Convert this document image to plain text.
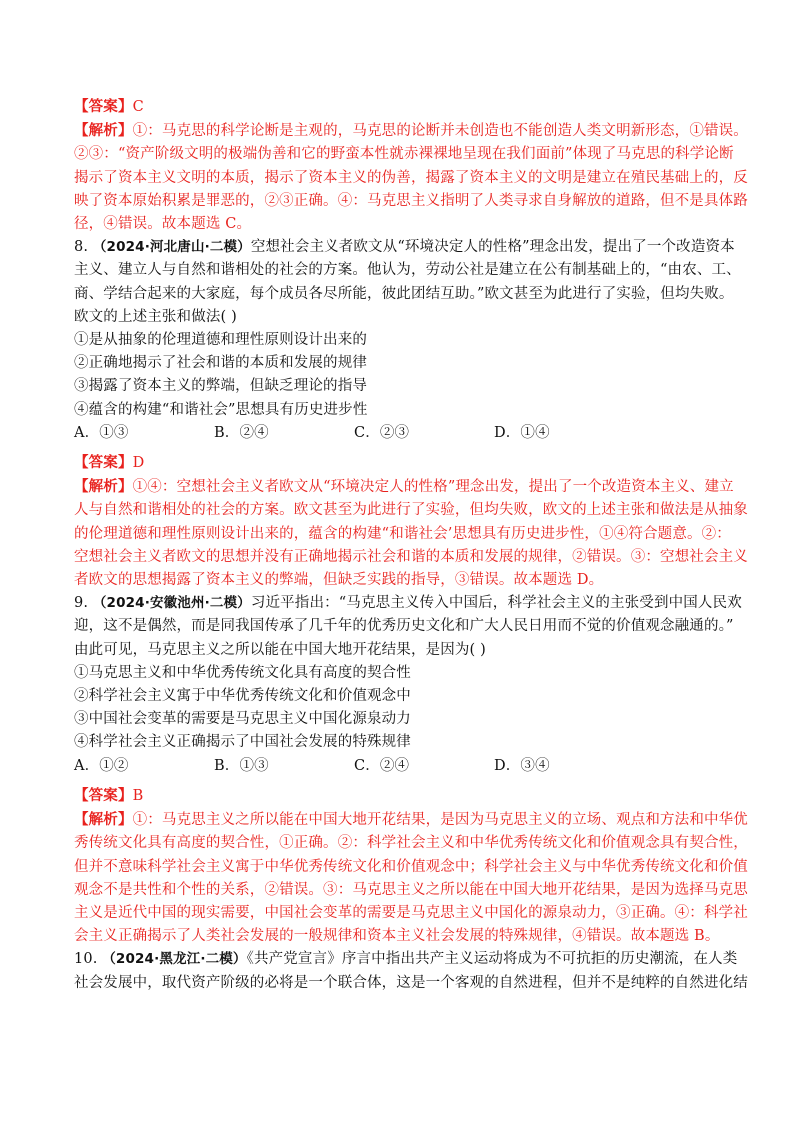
【答案】C
【解析】①：马克思的科学论断是主观的，马克思的论断并未创造也不能创造人类文明新形态，①错误。
②③：“资产阶级文明的极端伪善和它的野蛮本性就赤裸裸地呈现在我们面前”体现了马克思的科学论断
揭示了资本主义文明的本质，揭示了资本主义的伪善，揭露了资本主义的文明是建立在殖民基础上的，反
映了资本原始积累是罪恶的，②③正确。④：马克思主义指明了人类寻求自身解放的道路，但不是具体路
径，④错误。故本题选 C。
8. （2024·河北唐山·二模）空想社会主义者欧文从“环境决定人的性格”理念出发，提出了一个改造资本
主义、建立人与自然和谐相处的社会的方案。他认为，劳动公社是建立在公有制基础上的，“由农、工、
商、学结合起来的大家庭，每个成员各尽所能，彼此团结互助。”欧文甚至为此进行了实验，但均失败。
欧文的上述主张和做法( )
①是从抽象的伦理道德和理性原则设计出来的
②正确地揭示了社会和谐的本质和发展的规律
③揭露了资本主义的弊端，但缺乏理论的指导
④蕴含的构建“和谐社会”思想具有历史进步性
A．①③	B．②④	C．②③	D．①④
【答案】D
【解析】①④：空想社会主义者欧文从“环境决定人的性格”理念出发，提出了一个改造资本主义、建立
人与自然和谐相处的社会的方案。欧文甚至为此进行了实验，但均失败，欧文的上述主张和做法是从抽象
的伦理道德和理性原则设计出来的，蕴含的构建“和谐社会’思想具有历史进步性，①④符合题意。②：
空想社会主义者欧文的思想并没有正确地揭示社会和谐的本质和发展的规律，②错误。③：空想社会主义
者欧文的思想揭露了资本主义的弊端，但缺乏实践的指导，③错误。故本题选 D。
9. （2024·安徽池州·二模）习近平指出：“马克思主义传入中国后，科学社会主义的主张受到中国人民欢
迎，这不是偶然，而是同我国传承了几千年的优秀历史文化和广大人民日用而不觉的价值观念融通的。”
由此可见，马克思主义之所以能在中国大地开花结果，是因为( )
①马克思主义和中华优秀传统文化具有高度的契合性
②科学社会主义寓于中华优秀传统文化和价值观念中
③中国社会变革的需要是马克思主义中国化源泉动力
④科学社会主义正确揭示了中国社会发展的特殊规律
A．①②	B．①③	C．②④	D．③④
【答案】B
【解析】①：马克思主义之所以能在中国大地开花结果，是因为马克思主义的立场、观点和方法和中华优
秀传统文化具有高度的契合性，①正确。②：科学社会主义和中华优秀传统文化和价值观念具有契合性，
但并不意味科学社会主义寓于中华优秀传统文化和价值观念中；科学社会主义与中华优秀传统文化和价值
观念不是共性和个性的关系，②错误。③：马克思主义之所以能在中国大地开花结果，是因为选择马克思
主义是近代中国的现实需要，中国社会变革的需要是马克思主义中国化的源泉动力，③正确。④：科学社
会主义正确揭示了人类社会发展的一般规律和资本主义社会发展的特殊规律，④错误。故本题选 B。
10. （2024·黑龙江·二模）《共产党宣言》序言中指出共产主义运动将成为不可抗拒的历史潮流，在人类
社会发展中，取代资产阶级的必将是一个联合体，这是一个客观的自然进程，但并不是纯粹的自然进化结
